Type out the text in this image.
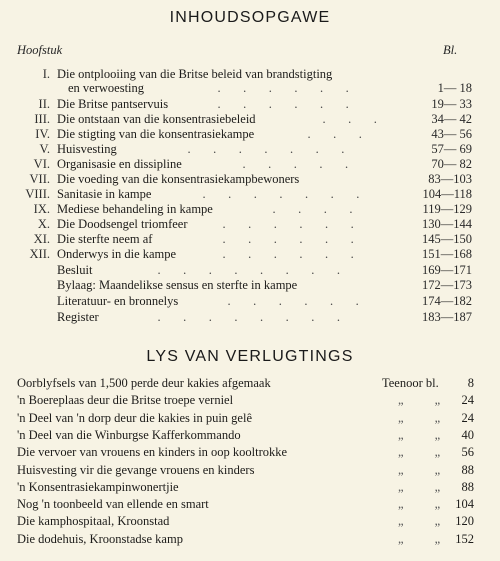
INHOUDSOPGAWE
Hoofstuk	Bl.
I. Die ontplooiing van die Britse beleid van brandstigting
en verwoesting	 . . . . . .	1— 18
II. Die Britse pantservuis	 . . . . . .	19— 33
III. Die ontstaan van die konsentrasiebeleid	 . . .	34— 42
IV. Die stigting van die konsentrasiekampe	 . . .	43— 56
V. Huisvesting	 . . . . . . .	57— 69
VI. Organisasie en dissipline	 . . . . .	70— 82
VII. Die voeding van die konsentrasiekampbewoners	83—103
VIII. Sanitasie in kampe	 . . . . . . .	104—118
IX. Mediese behandeling in kampe	 . . . .	119—129
X. Die Doodsengel triomfeer  . . . . . .	130—144
XI. Die sterfte neem af	 . . . . . .	145—150
XII. Onderwys in die kampe  . . . . . .	151—168
Besluit	 . . . . . . . .	169—171
Bylaag: Maandelikse sensus en sterfte in kampe	172—173
Literatuur- en bronnelys	 . . . . . .	174—182
Register	 . . . . . . . .	183—187
LYS VAN VERLUGTINGS
Oorblyfsels van 1,500 perde deur kakies afgemaak	Teenoor bl.	8
'n Boereplaas deur die Britse troepe verniel	„ „ 24
'n Deel van 'n dorp deur die kakies in puin gelê	„ „ 24
'n Deel van die Winburgse Kafferkommando	„ „ 40
Die vervoer van vrouens en kinders in oop kooltrokke	„ „ 56
Huisvesting vir die gevange vrouens en kinders	„ „ 88
'n Konsentrasiekampinwonertjie	„ „ 88
Nog 'n toonbeeld van ellende en smart	„ „ 104
Die kamphospitaal, Kroonstad	„ „ 120
Die dodehuis, Kroonstadse kamp	„ „ 152
